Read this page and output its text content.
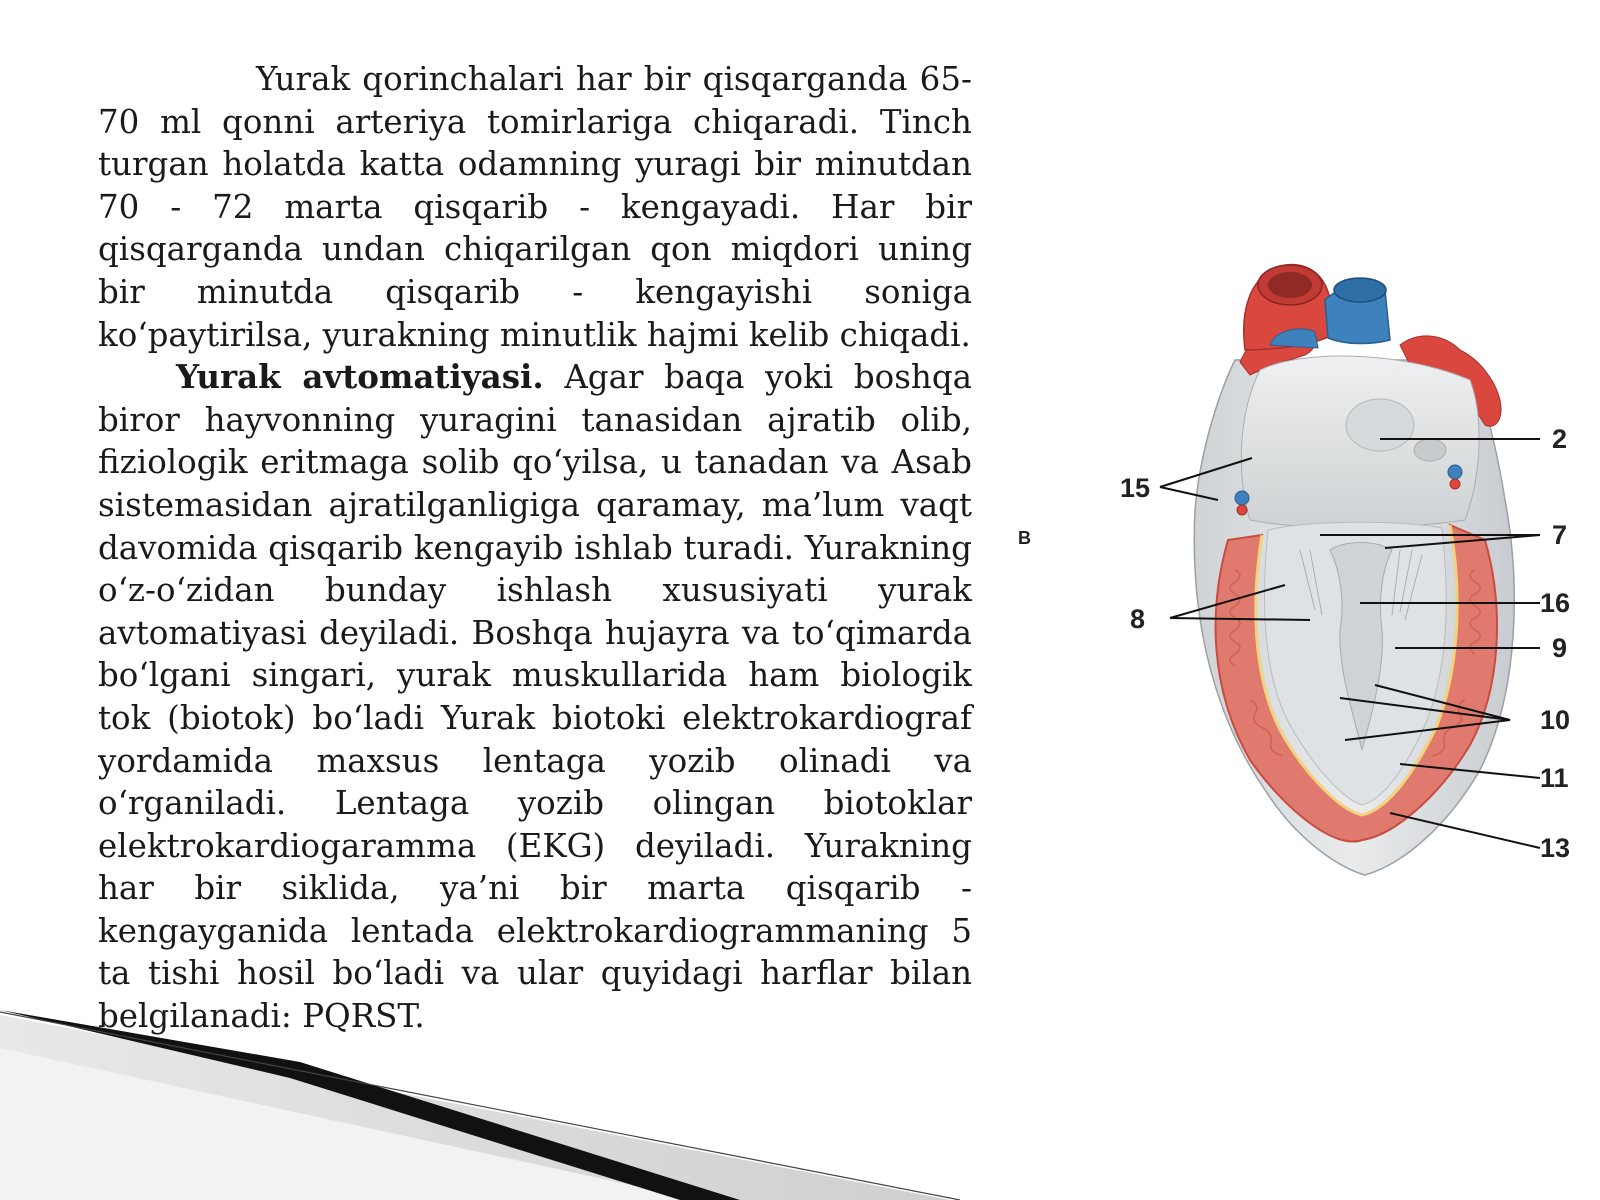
Yurak qorinchalari har bir qisqarganda 65-70 ml qonni arteriya tomirlariga chiqaradi. Tinch turgan holatda katta odamning yuragi bir minutdan 70 - 72 marta qisqarib - kengayadi. Har bir qisqarganda undan chiqarilgan qon miqdori uning bir minutda qisqarib - kengayishi soniga ko‘paytirilsa, yurakning minutlik hajmi kelib chiqadi.

Yurak avtomatiyasi. Agar baqa yoki boshqa biror hayvonning yuragini tanasidan ajratib olib, fiziologik eritmaga solib qo‘yilsa, u tanadan va Asab sistemasidan ajratilganligiga qaramay, ma’lum vaqt davomida qisqarib kengayib ishlab turadi. Yurakning o‘z-o‘zidan bunday ishlash xususiyati yurak avtomatiyasi deyiladi. Boshqa hujayra va to‘qimarda bo‘lgani singari, yurak muskullarida ham biologik tok (biotok) bo‘ladi Yurak biotoki elektrokardiograf yordamida maxsus lentaga yozib olinadi va o‘rganiladi. Lentaga yozib olingan biotoklar elektrokardiogaramma (EKG) deyiladi. Yurakning har bir siklida, ya’ni bir marta qisqarib - kengayganida lentada elektrokardiogrammaning 5 ta tishi hosil bo‘ladi va ular quyidagi harflar bilan belgilanadi: PQRST.

15
8
2
7
16
9
10
11
13
B
